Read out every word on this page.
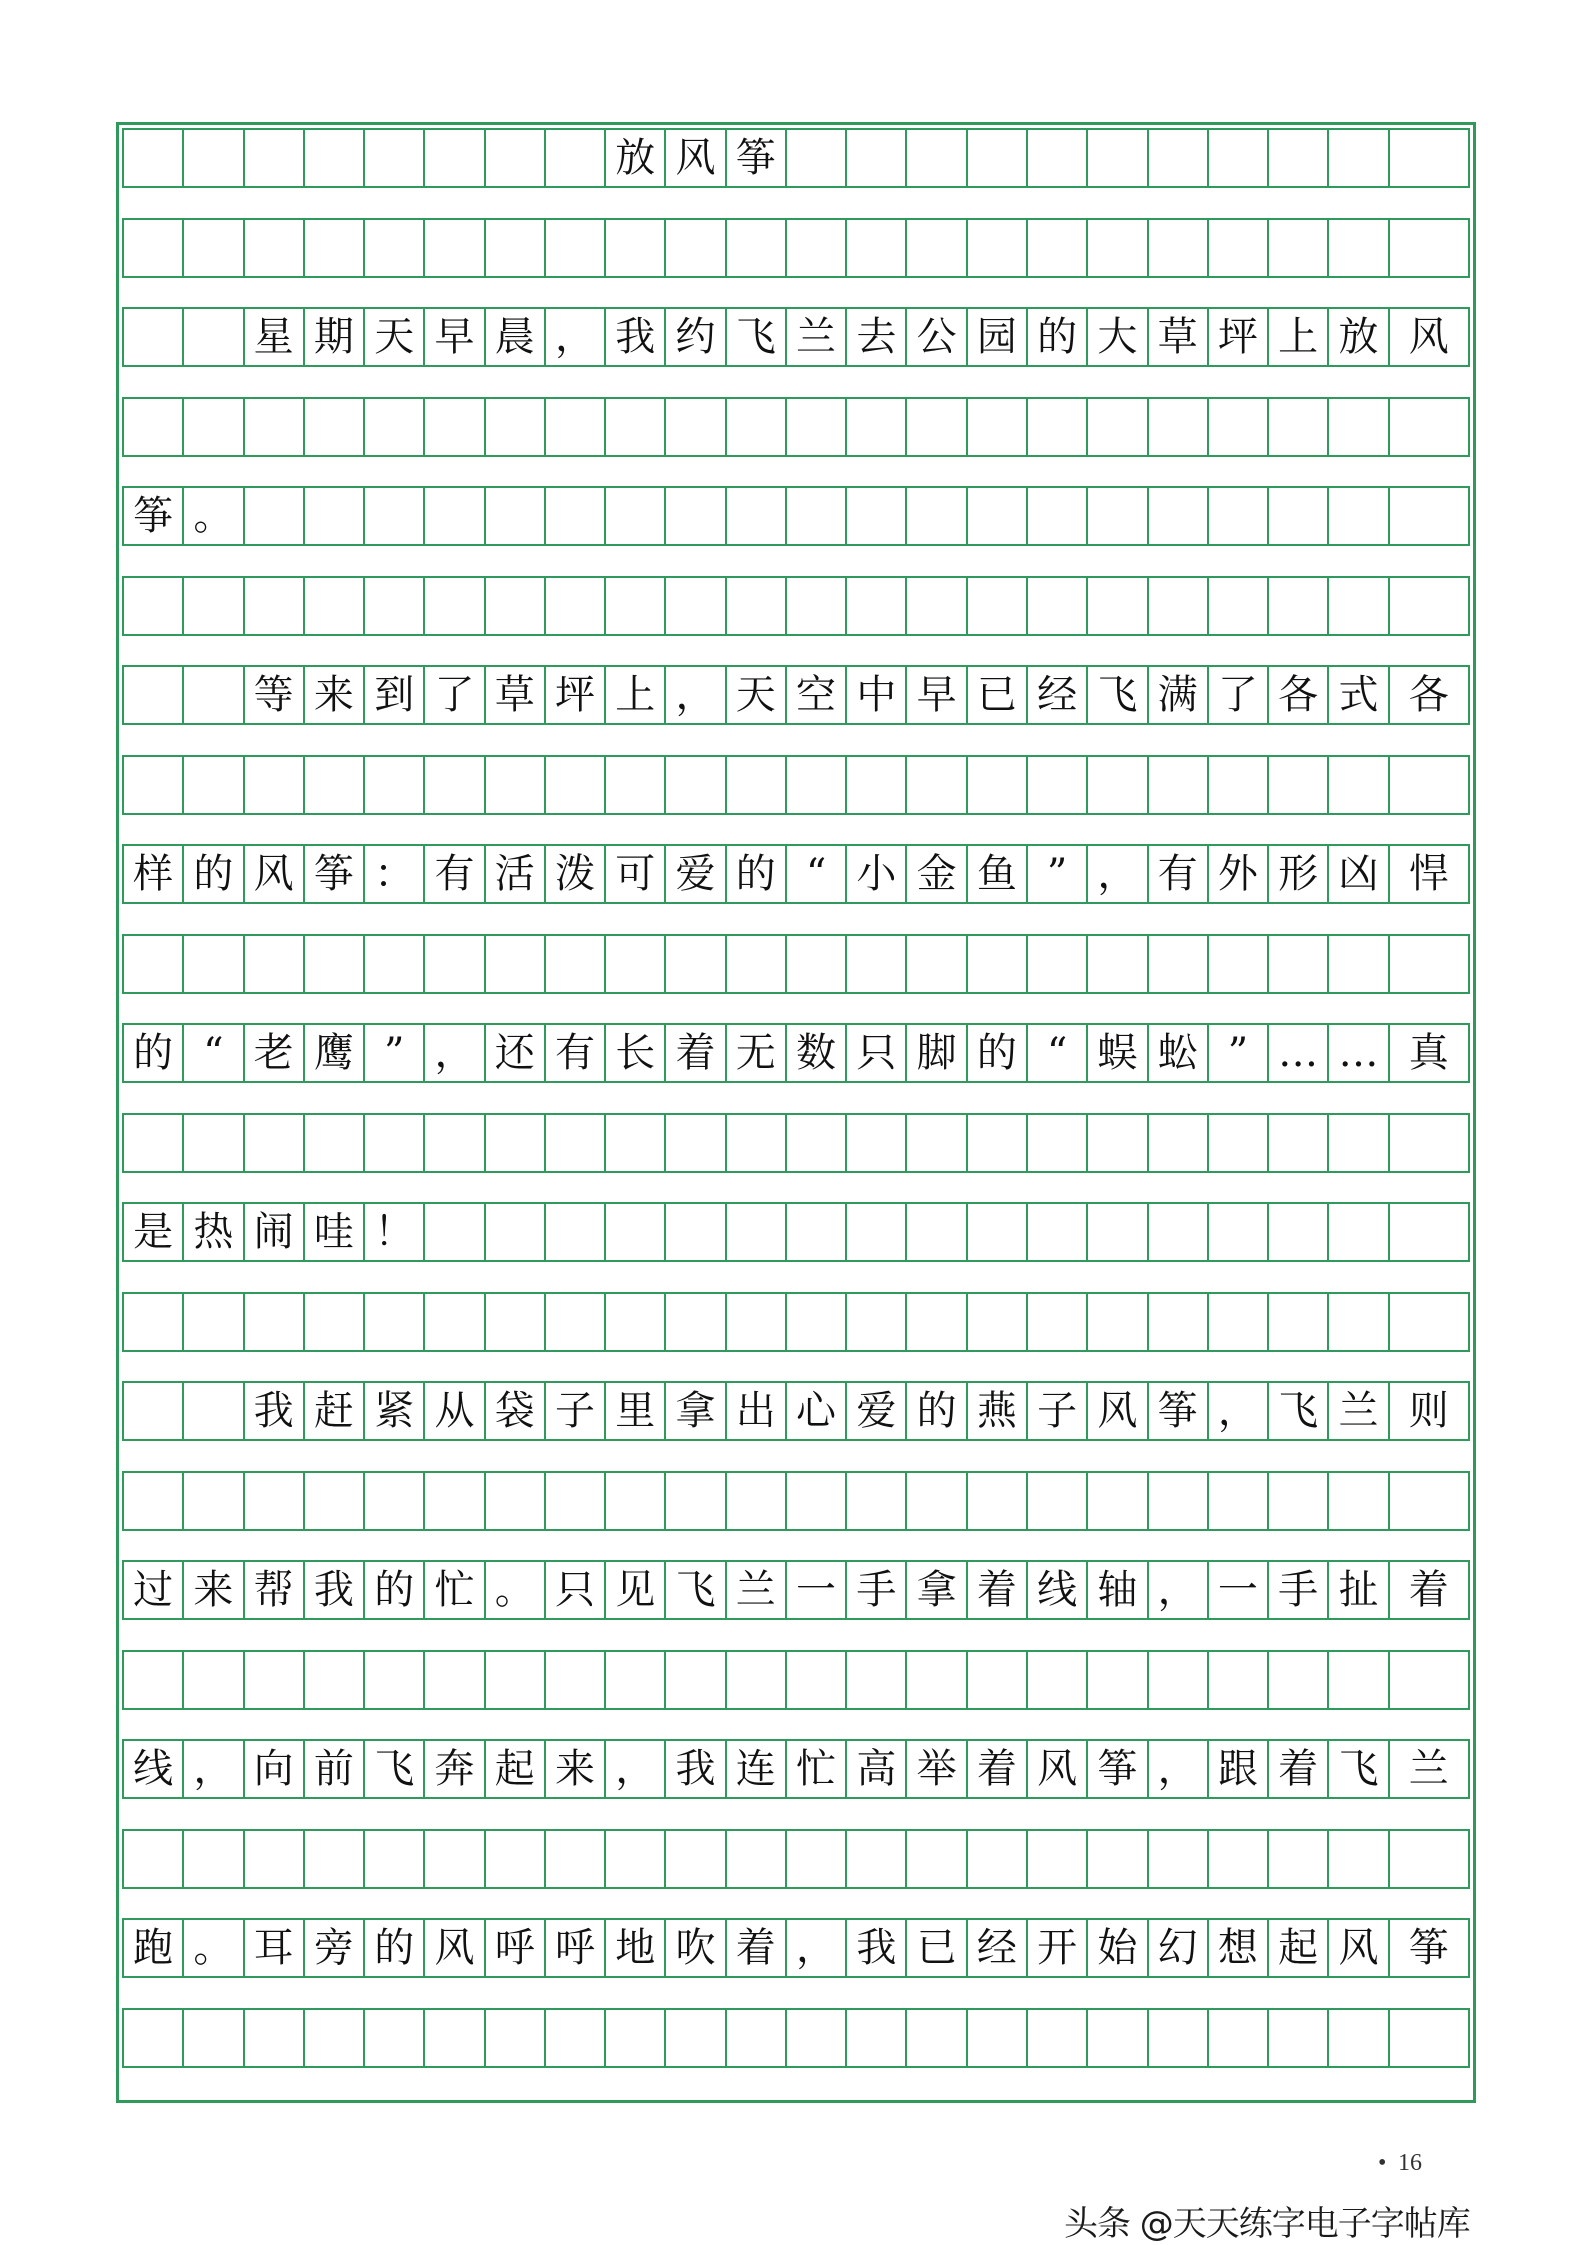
放 风 筝
星 期 天 早 晨 ， 我 约 飞 兰 去 公 园 的 大 草 坪 上 放 风
筝 。
等 来 到 了 草 坪 上 ， 天 空 中 早 已 经 飞 满 了 各 式 各
样 的 风 筝 ： 有 活 泼 可 爱 的 “ 小 金 鱼 ” ， 有 外 形 凶 悍
的 “ 老 鹰 ” ， 还 有 长 着 无 数 只 脚 的 “ 蜈 蚣 ” … … 真
是 热 闹 哇 ！
我 赶 紧 从 袋 子 里 拿 出 心 爱 的 燕 子 风 筝 ， 飞 兰 则
过 来 帮 我 的 忙 。 只 见 飞 兰 一 手 拿 着 线 轴 ， 一 手 扯 着
线 ， 向 前 飞 奔 起 来 ， 我 连 忙 高 举 着 风 筝 ， 跟 着 飞 兰
跑 。 耳 旁 的 风 呼 呼 地 吹 着 ， 我 已 经 开 始 幻 想 起 风 筝
• 16
头条 @天天练字电子字帖库
